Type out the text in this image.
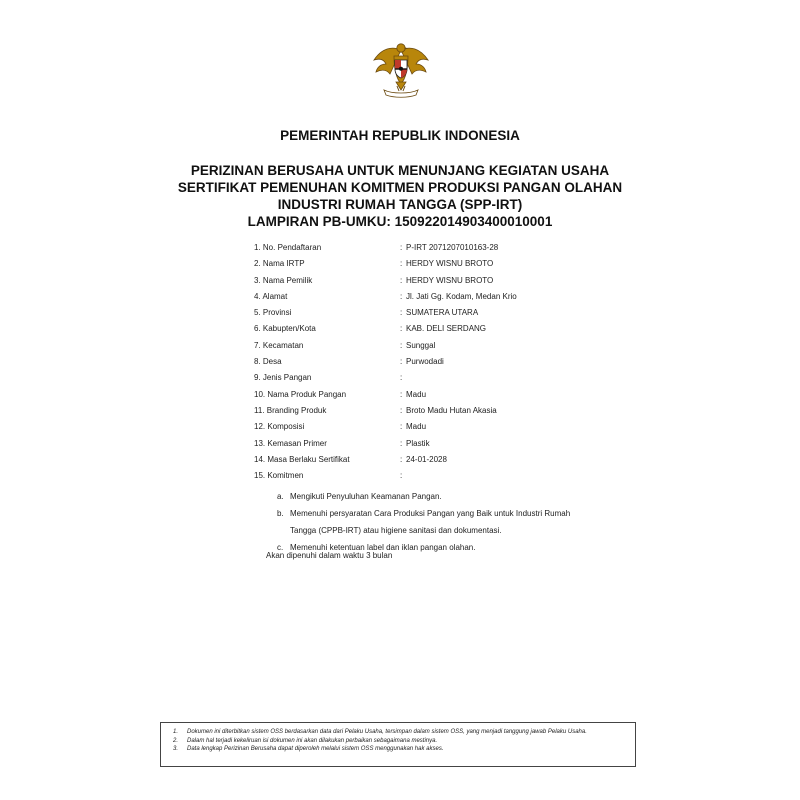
PEMERINTAH REPUBLIK INDONESIA
PERIZINAN BERUSAHA UNTUK MENUNJANG KEGIATAN USAHA
SERTIFIKAT PEMENUHAN KOMITMEN PRODUKSI PANGAN OLAHAN
INDUSTRI RUMAH TANGGA (SPP-IRT)
LAMPIRAN PB-UMKU: 150922014903400010001
1. No. Pendaftaran	: P-IRT 2071207010163-28
2. Nama IRTP	: HERDY WISNU BROTO
3. Nama Pemilik	: HERDY WISNU BROTO
4. Alamat	: Jl. Jati Gg. Kodam, Medan Krio
5. Provinsi	: SUMATERA UTARA
6. Kabupten/Kota	: KAB. DELI SERDANG
7. Kecamatan	: Sunggal
8. Desa	: Purwodadi
9. Jenis Pangan	:
10. Nama Produk Pangan	: Madu
11. Branding Produk	: Broto Madu Hutan Akasia
12. Komposisi	: Madu
13. Kemasan Primer	: Plastik
14. Masa Berlaku Sertifikat	: 24-01-2028
15. Komitmen	:
a. Mengikuti Penyuluhan Keamanan Pangan.
b. Memenuhi persyaratan Cara Produksi Pangan yang Baik untuk Industri Rumah
Tangga (CPPB-IRT) atau higiene sanitasi dan dokumentasi.
c. Memenuhi ketentuan label dan iklan pangan olahan.
Akan dipenuhi dalam waktu 3 bulan
1. Dokumen ini diterbitkan sistem OSS berdasarkan data dari Pelaku Usaha, tersimpan dalam sistem OSS, yang menjadi tanggung jawab Pelaku Usaha.
2. Dalam hal terjadi kekeliruan isi dokumen ini akan dilakukan perbaikan sebagaimana mestinya.
3. Data lengkap Perizinan Berusaha dapat diperoleh melalui sistem OSS menggunakan hak akses.
